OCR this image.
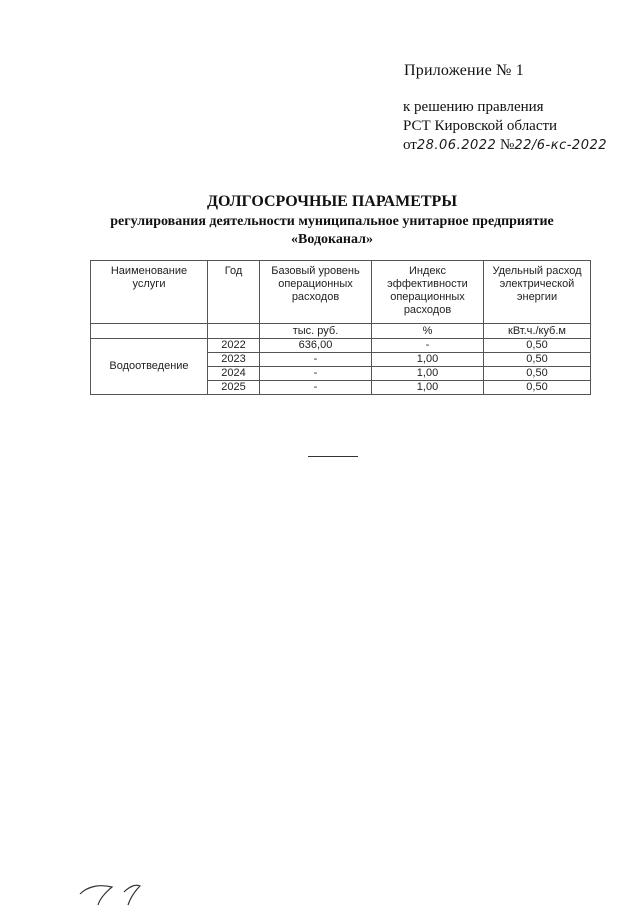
Приложение № 1
к решению правления
РСТ Кировской области
от28.06.2022 №22/6-кс-2022
ДОЛГОСРОЧНЫЕ ПАРАМЕТРЫ
регулирования деятельности муниципальное унитарное предприятие
«Водоканал»
Наименование услуги	Год	Базовый уровень операционных расходов	Индекс эффективности операционных расходов	Удельный расход электрической энергии
		тыс. руб.	%	кВт.ч./куб.м
Водоотведение	2022	636,00	-	0,50
	2023	-	1,00	0,50
	2024	-	1,00	0,50
	2025	-	1,00	0,50
